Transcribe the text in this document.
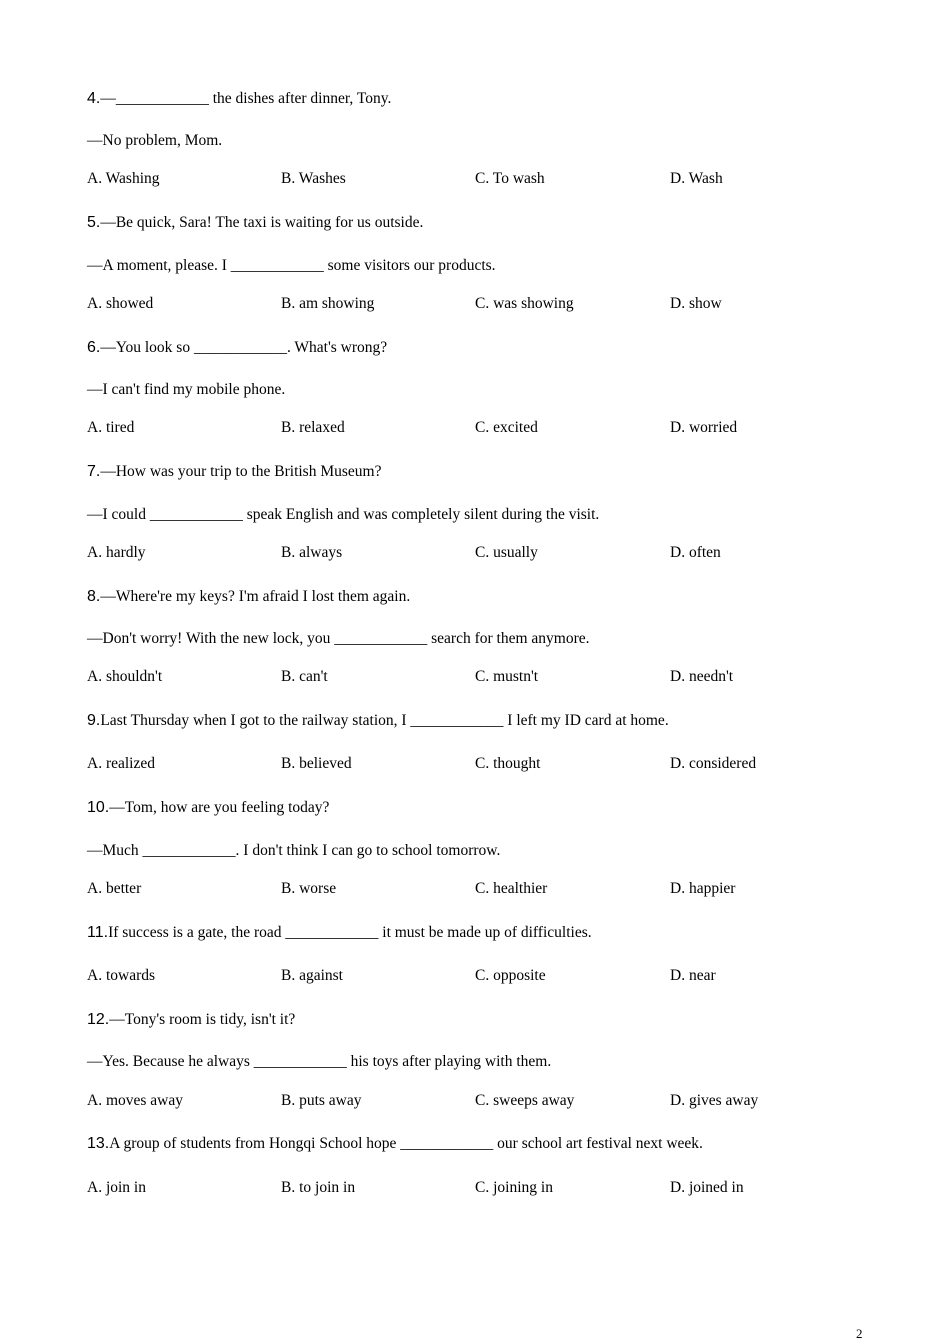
4.—____________ the dishes after dinner, Tony.
—No problem, Mom.
A. Washing	B. Washes	C. To wash	D. Wash
5.—Be quick, Sara! The taxi is waiting for us outside.
—A moment, please. I ____________ some visitors our products.
A. showed	B. am showing	C. was showing	D. show
6.—You look so ____________. What's wrong?
—I can't find my mobile phone.
A. tired	B. relaxed	C. excited	D. worried
7.—How was your trip to the British Museum?
—I could ____________ speak English and was completely silent during the visit.
A. hardly	B. always	C. usually	D. often
8.—Where're my keys? I'm afraid I lost them again.
—Don't worry! With the new lock, you ____________ search for them anymore.
A. shouldn't	B. can't	C. mustn't	D. needn't
9.Last Thursday when I got to the railway station, I ____________ I left my ID card at home.
A. realized	B. believed	C. thought	D. considered
10.—Tom, how are you feeling today?
—Much ____________. I don't think I can go to school tomorrow.
A. better	B. worse	C. healthier	D. happier
11.If success is a gate, the road ____________ it must be made up of difficulties.
A. towards	B. against	C. opposite	D. near
12.—Tony's room is tidy, isn't it?
—Yes. Because he always ____________ his toys after playing with them.
A. moves away	B. puts away	C. sweeps away	D. gives away
13.A group of students from Hongqi School hope ____________ our school art festival next week.
A. join in	B. to join in	C. joining in	D. joined in
2
